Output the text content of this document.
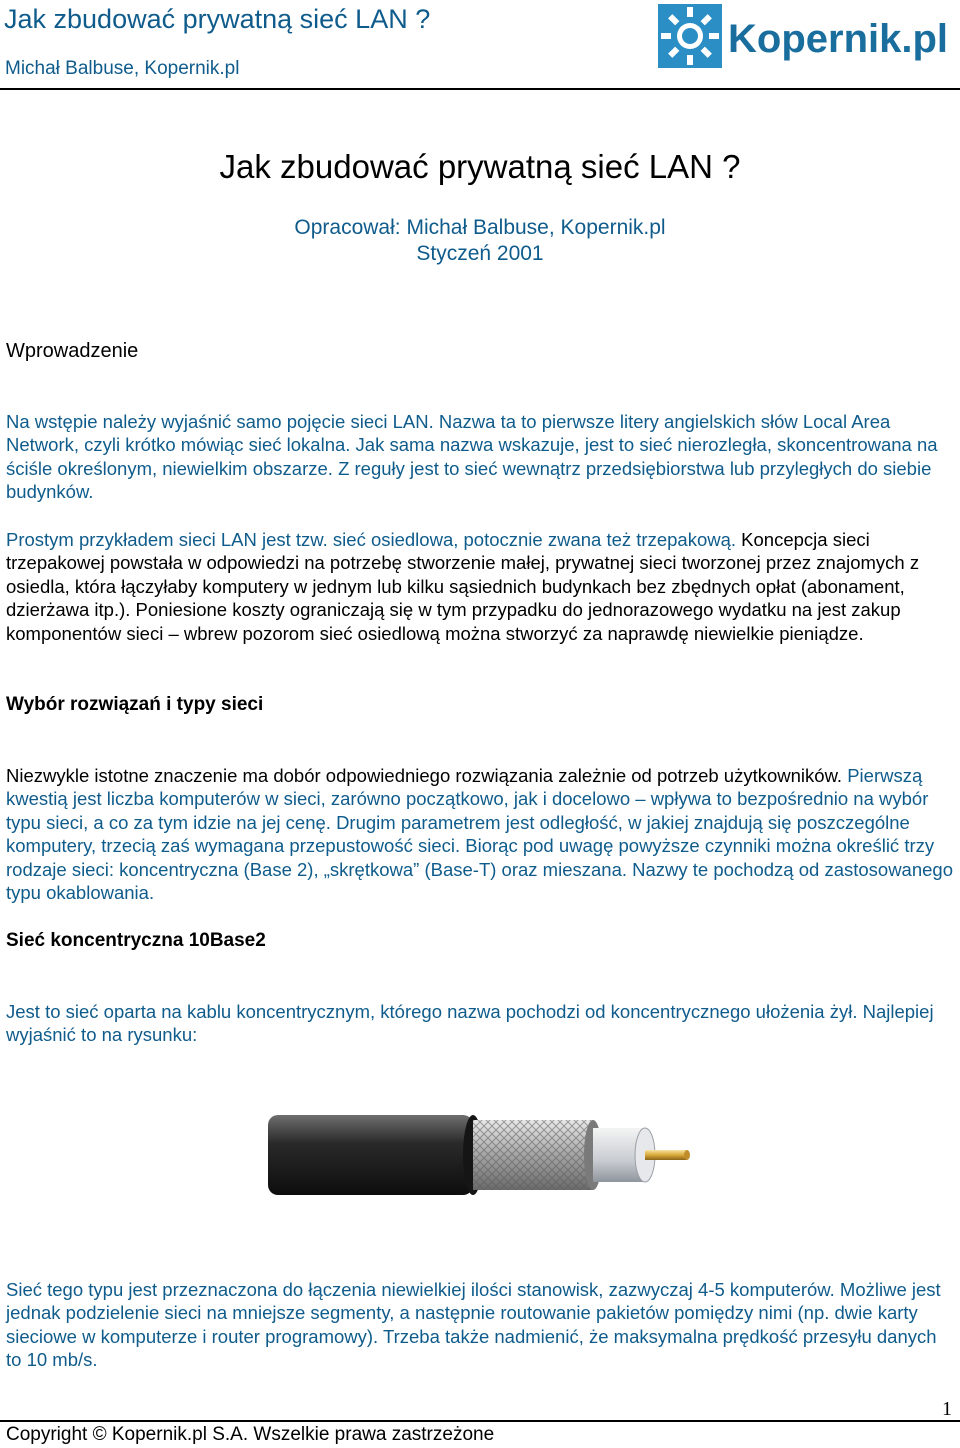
Jak zbudować prywatną sieć LAN ?
Michał Balbuse, Kopernik.pl
Kopernik.pl
Jak zbudować prywatną sieć LAN ?
Opracował: Michał Balbuse, Kopernik.pl
Styczeń 2001
Wprowadzenie

Na wstępie należy wyjaśnić samo pojęcie sieci LAN. Nazwa ta to pierwsze litery angielskich słów Local Area Network, czyli krótko mówiąc sieć lokalna. Jak sama nazwa wskazuje, jest to sieć nierozległa, skoncentrowana na ściśle określonym, niewielkim obszarze. Z reguły jest to sieć wewnątrz przedsiębiorstwa lub przyległych do siebie budynków.

Prostym przykładem sieci LAN jest tzw. sieć osiedlowa, potocznie zwana też trzepakową. Koncepcja sieci trzepakowej powstała w odpowiedzi na potrzebę stworzenie małej, prywatnej sieci tworzonej przez znajomych z osiedla, która łączyłaby komputery w jednym lub kilku sąsiednich budynkach bez zbędnych opłat (abonament, dzierżawa itp.). Poniesione koszty ograniczają się w tym przypadku do jednorazowego wydatku na jest zakup komponentów sieci – wbrew pozorom sieć osiedlową można stworzyć za naprawdę niewielkie pieniądze.

Wybór rozwiązań i typy sieci

Niezwykle istotne znaczenie ma dobór odpowiedniego rozwiązania zależnie od potrzeb użytkowników. Pierwszą kwestią jest liczba komputerów w sieci, zarówno początkowo, jak i docelowo – wpływa to bezpośrednio na wybór typu sieci, a co za tym idzie na jej cenę. Drugim parametrem jest odległość, w jakiej znajdują się poszczególne komputery, trzecią zaś wymagana przepustowość sieci. Biorąc pod uwagę powyższe czynniki można określić trzy rodzaje sieci: koncentryczna (Base 2), „skrętkowa” (Base-T) oraz mieszana. Nazwy te pochodzą od zastosowanego typu okablowania.

Sieć koncentryczna 10Base2

Jest to sieć oparta na kablu koncentrycznym, którego nazwa pochodzi od koncentrycznego ułożenia żył. Najlepiej wyjaśnić to na rysunku:

Sieć tego typu jest przeznaczona do łączenia niewielkiej ilości stanowisk, zazwyczaj 4-5 komputerów. Możliwe jest jednak podzielenie sieci na mniejsze segmenty, a następnie routowanie pakietów pomiędzy nimi (np. dwie karty sieciowe w komputerze i router programowy). Trzeba także nadmienić, że maksymalna prędkość przesyłu danych to 10 mb/s.

1
Copyright © Kopernik.pl S.A. Wszelkie prawa zastrzeżone
